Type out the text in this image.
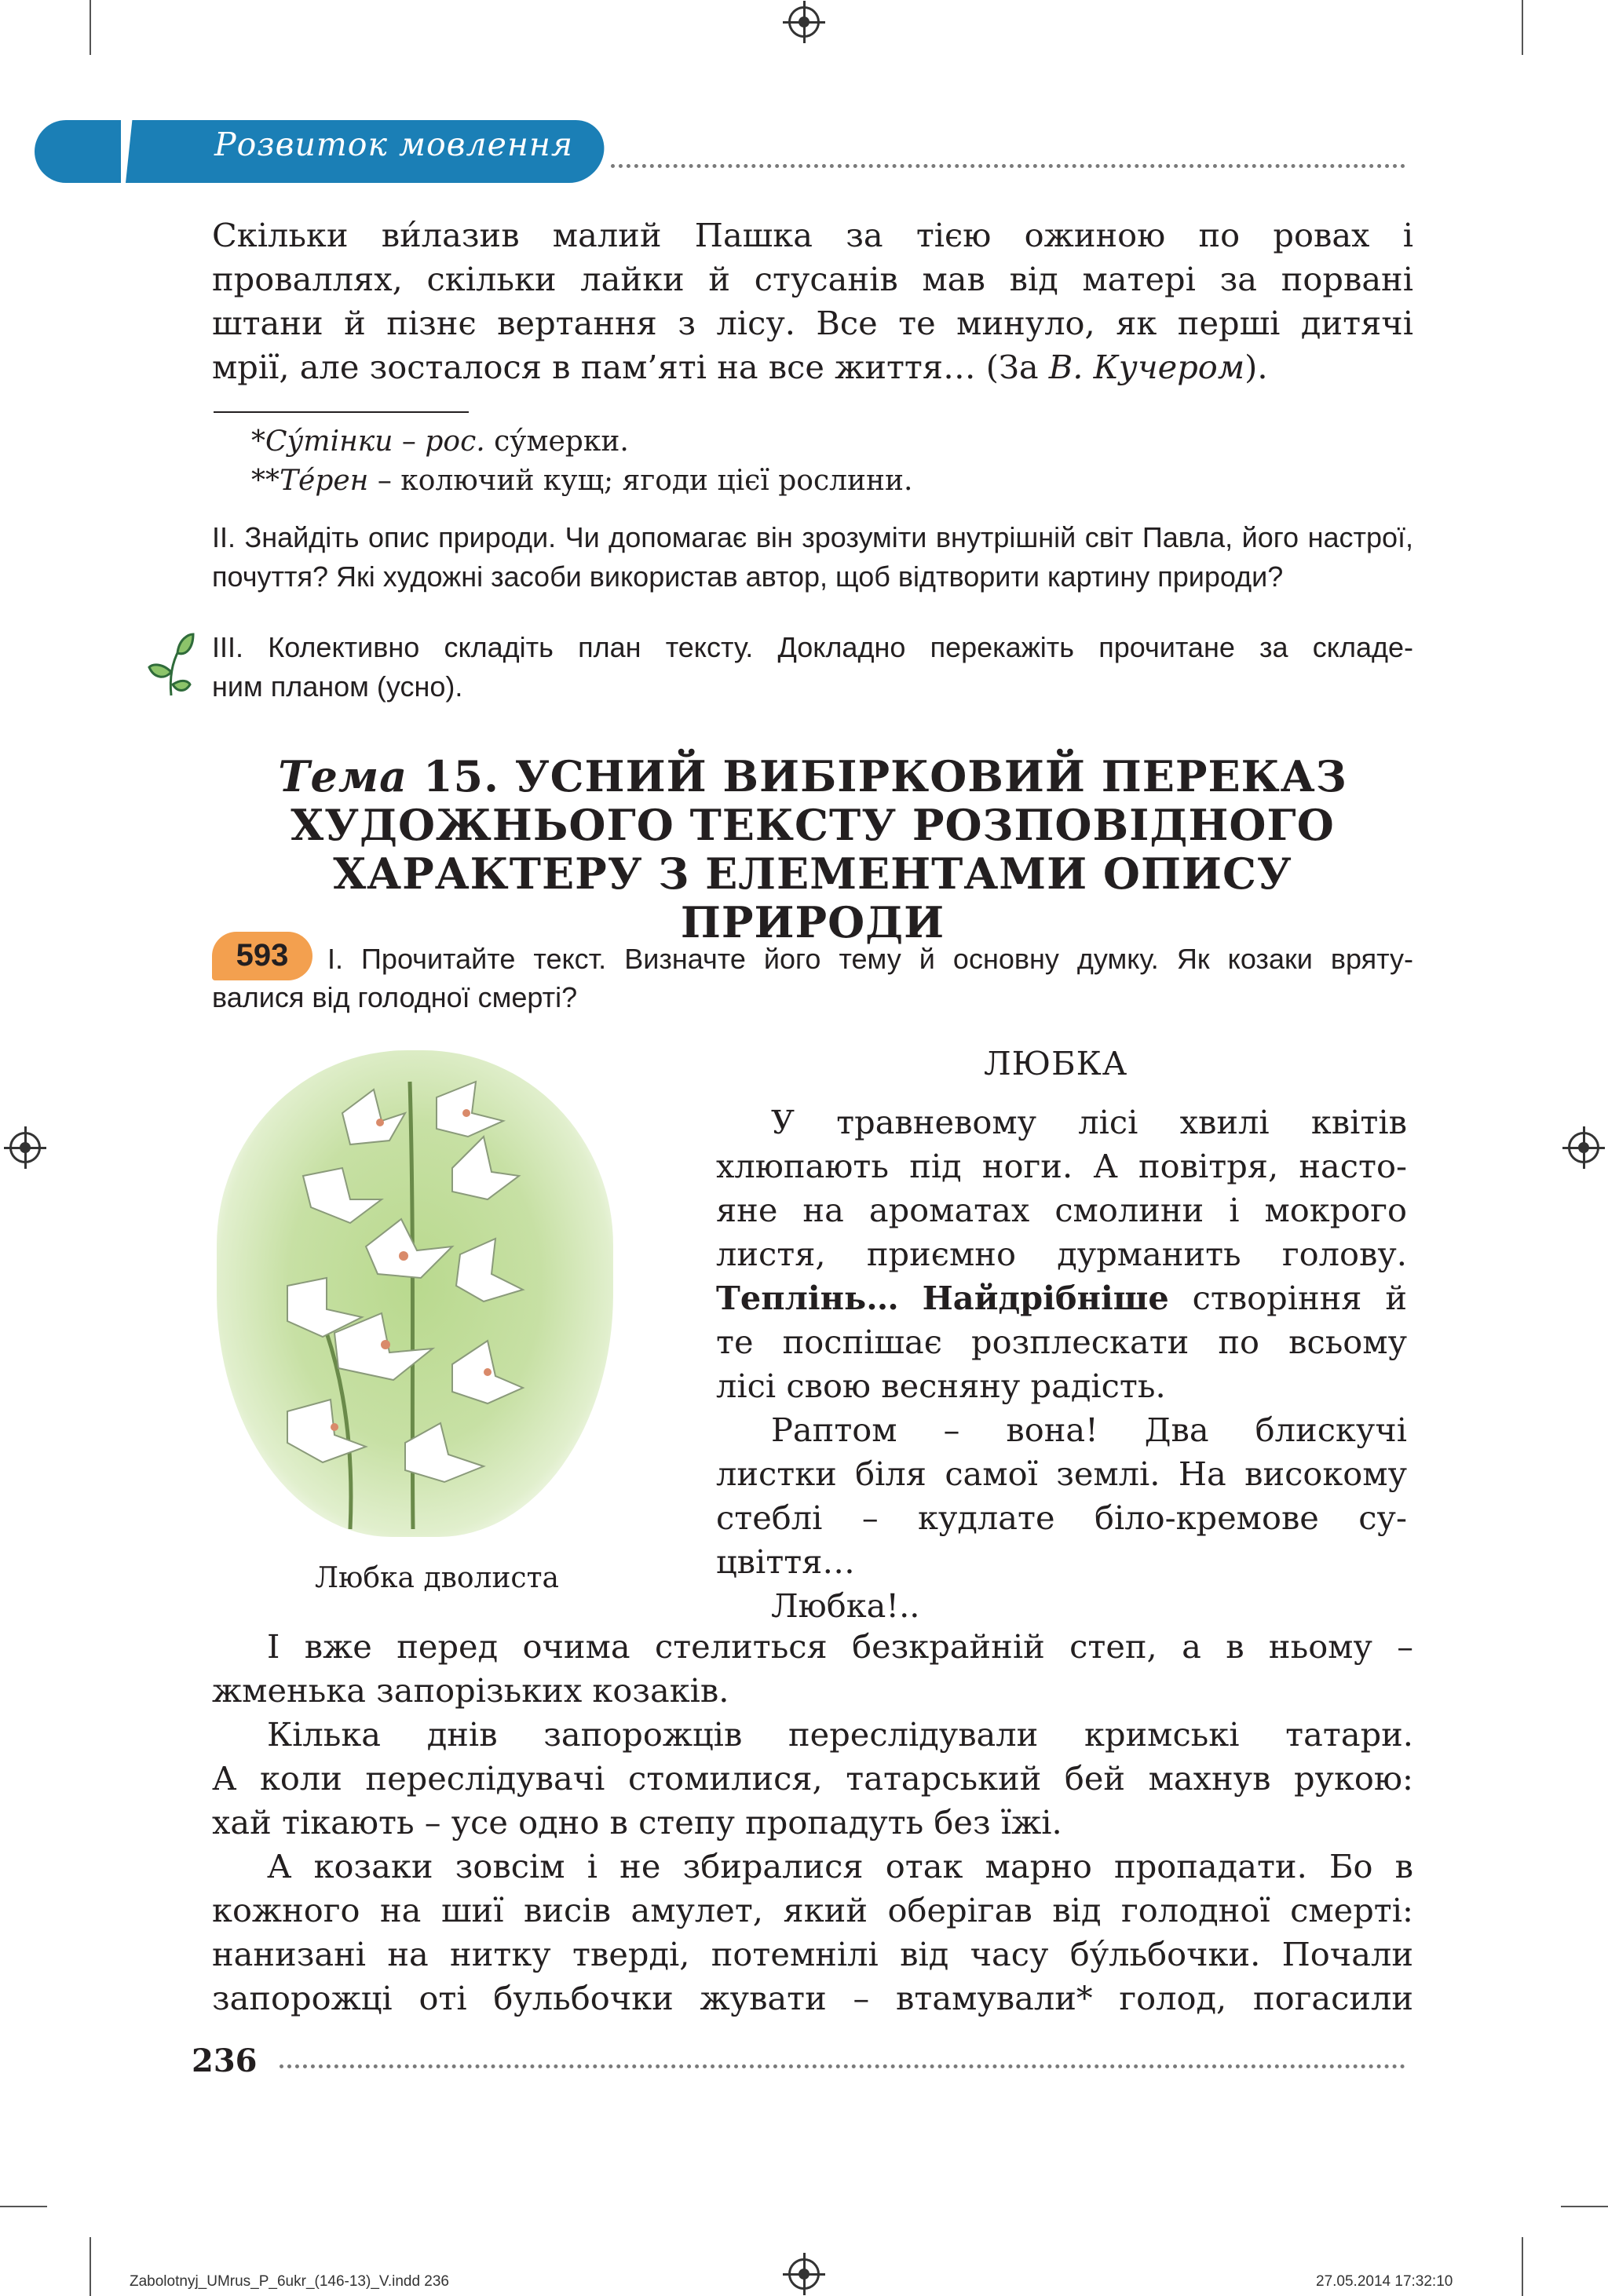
Розвиток мовлення
Скільки ви́лазив малий Пашка за тією ожиною по ровах і
проваллях, скільки лайки й стусанів мав від матері за порвані
штани й пізнє вертання з лісу. Все те минуло, як перші дитячі
мрії, але зосталося в пам’яті на все життя… (За В. Кучером).
*Су́тінки – рос. су́мерки.
**Те́рен – колючий кущ; ягоди цієї рослини.
II. Знайдіть опис природи. Чи допомагає він зрозуміти внутрішній світ Павла, його настрої, почуття? Які художні засоби використав автор, щоб відтворити картину природи?
III. Колективно складіть план тексту. Докладно перекажіть прочитане за складе-
ним планом (усно).
Тема 15. УСНИЙ ВИБІРКОВИЙ ПЕРЕКАЗ
ХУДОЖНЬОГО ТЕКСТУ РОЗПОВІДНОГО
ХАРАКТЕРУ З ЕЛЕМЕНТАМИ ОПИСУ ПРИРОДИ
593	I. Прочитайте текст. Визначте його тему й основну думку. Як козаки вряту-
валися від голодної смерті?
Любка дволиста
ЛЮБКА
У травневому лісі хвилі квітів
хлюпають під ноги. А повітря, насто-
яне на ароматах смолини і мокрого
листя, приємно дурманить голову.
Теплінь… Найдрібніше створіння й
те поспішає розплескати по всьому
лісі свою весняну радість.
Раптом – вона! Два блискучі
листки біля самої землі. На високому
стеблі – кудлате біло-кремове су-
цвіття…
Любка!..
І вже перед очима стелиться безкрайній степ, а в ньому –
жменька запорізьких козаків.
Кілька днів запорожців переслідували кримські татари.
А коли переслідувачі стомилися, татарський бей махнув рукою:
хай тікають – усе одно в степу пропадуть без їжі.
А козаки зовсім і не збиралися отак марно пропадати. Бо в
кожного на шиї висів амулет, який оберігав від голодної смерті:
нанизані на нитку тверді, потемнілі від часу бу́льбочки. Почали
запорожці оті бульбочки жувати – втамували* голод, погасили
236
Zabolotnyj_UMrus_P_6ukr_(146-13)_V.indd 236	27.05.2014 17:32:10
